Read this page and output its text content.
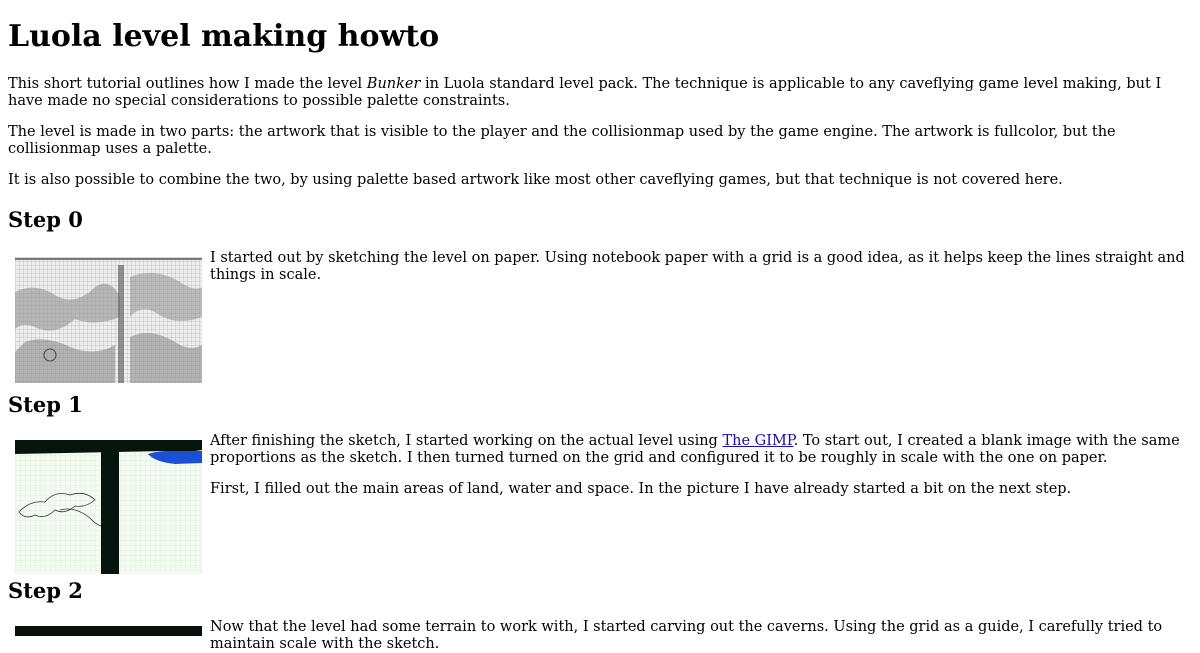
Luola level making howto

This short tutorial outlines how I made the level Bunker in Luola standard level pack. The technique is applicable to any caveflying game level making, but I have made no special considerations to possible palette constraints.

The level is made in two parts: the artwork that is visible to the player and the collisionmap used by the game engine. The artwork is fullcolor, but the collisionmap uses a palette.

It is also possible to combine the two, by using palette based artwork like most other caveflying games, but that technique is not covered here.

Step 0

I started out by sketching the level on paper. Using notebook paper with a grid is a good idea, as it helps keep the lines straight and things in scale.

Step 1

After finishing the sketch, I started working on the actual level using The GIMP. To start out, I created a blank image with the same proportions as the sketch. I then turned turned on the grid and configured it to be roughly in scale with the one on paper.

First, I filled out the main areas of land, water and space. In the picture I have already started a bit on the next step.

Step 2

Now that the level had some terrain to work with, I started carving out the caverns. Using the grid as a guide, I carefully tried to maintain scale with the sketch.
